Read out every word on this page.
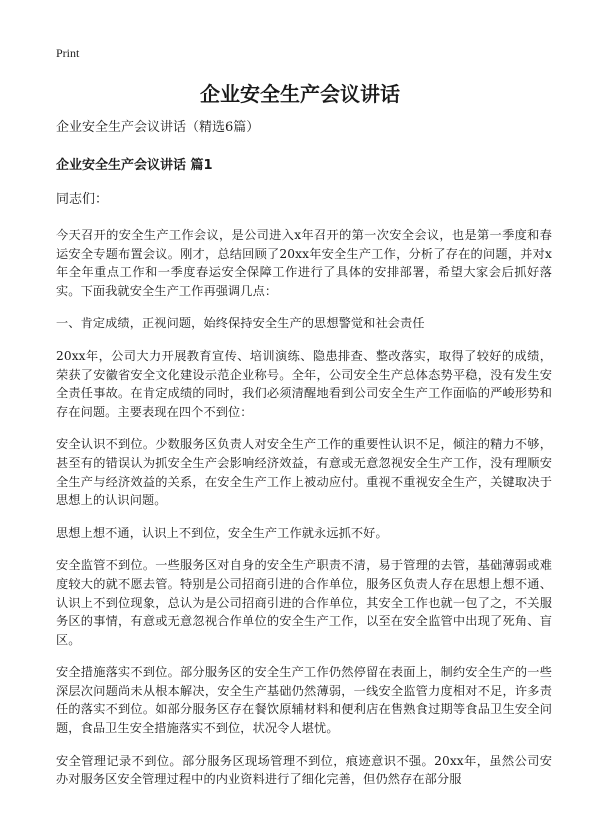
Print
企业安全生产会议讲话

企业安全生产会议讲话（精选6篇）

企业安全生产会议讲话 篇1

同志们：

今天召开的安全生产工作会议，是公司进入x年召开的第一次安全会议，也是第一季度和春运安全专题布置会议。刚才，总结回顾了20xx年安全生产工作，分析了存在的问题，并对x年全年重点工作和一季度春运安全保障工作进行了具体的安排部署，希望大家会后抓好落实。下面我就安全生产工作再强调几点：

一、肯定成绩，正视问题，始终保持安全生产的思想警觉和社会责任

20xx年，公司大力开展教育宣传、培训演练、隐患排查、整改落实，取得了较好的成绩，荣获了安徽省安全文化建设示范企业称号。全年，公司安全生产总体态势平稳，没有发生安全责任事故。在肯定成绩的同时，我们必须清醒地看到公司安全生产工作面临的严峻形势和存在问题。主要表现在四个不到位：

安全认识不到位。少数服务区负责人对安全生产工作的重要性认识不足，倾注的精力不够，甚至有的错误认为抓安全生产会影响经济效益，有意或无意忽视安全生产工作，没有理顺安全生产与经济效益的关系，在安全生产工作上被动应付。重视不重视安全生产，关键取决于思想上的认识问题。

思想上想不通，认识上不到位，安全生产工作就永远抓不好。

安全监管不到位。一些服务区对自身的安全生产职责不清，易于管理的去管，基础薄弱或难度较大的就不愿去管。特别是公司招商引进的合作单位，服务区负责人存在思想上想不通、认识上不到位现象，总认为是公司招商引进的合作单位，其安全工作也就一包了之，不关服务区的事情，有意或无意忽视合作单位的安全生产工作，以至在安全监管中出现了死角、盲区。

安全措施落实不到位。部分服务区的安全生产工作仍然停留在表面上，制约安全生产的一些深层次问题尚未从根本解决，安全生产基础仍然薄弱，一线安全监管力度相对不足，许多责任的落实不到位。如部分服务区存在餐饮原辅材料和便利店在售熟食过期等食品卫生安全问题，食品卫生安全措施落实不到位，状况令人堪忧。

安全管理记录不到位。部分服务区现场管理不到位，痕迹意识不强。20xx年，虽然公司安办对服务区安全管理过程中的内业资料进行了细化完善，但仍然存在部分服
